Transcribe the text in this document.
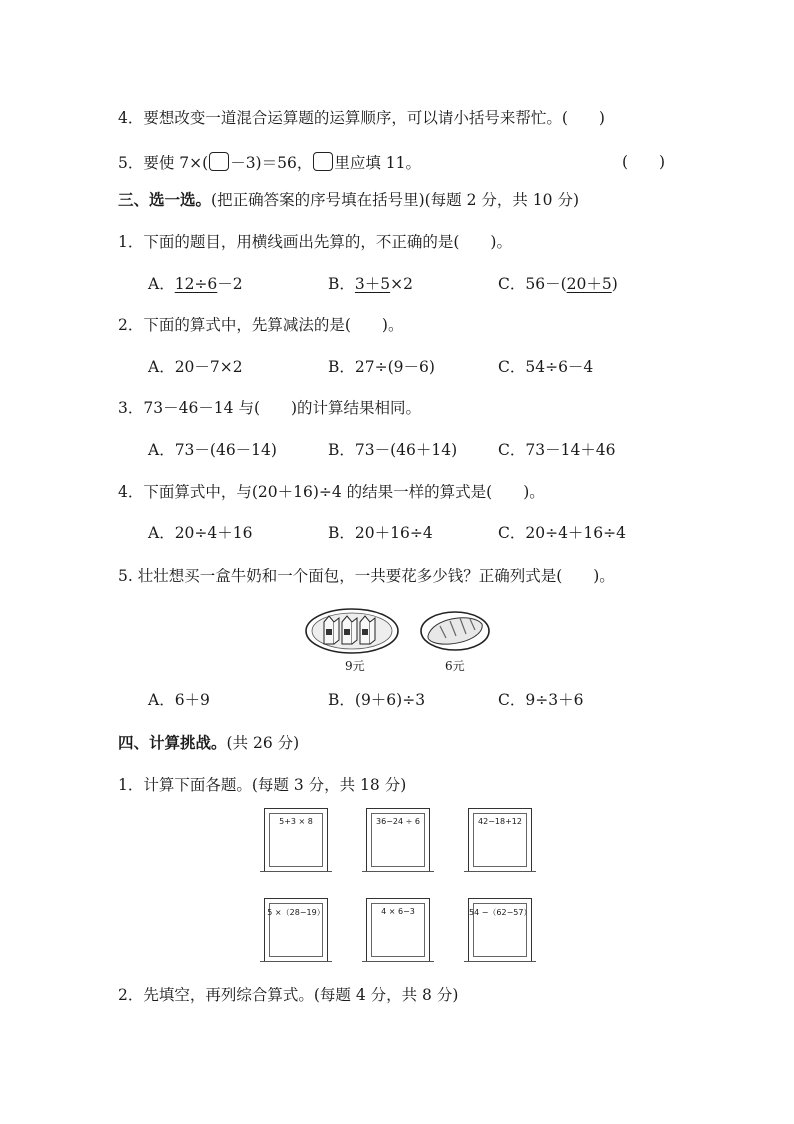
4．要想改变一道混合运算题的运算顺序，可以请小括号来帮忙。(　　)
5．要使 7×( －3)＝56， 里应填 11。	(　　)
三、选一选。(把正确答案的序号填在括号里)(每题 2 分，共 10 分)
1．下面的题目，用横线画出先算的，不正确的是(　　)。
A．12÷6－2	B．3＋5×2	C．56－(20＋5)
2．下面的算式中，先算减法的是(　　)。
A．20－7×2	B．27÷(9－6)	C．54÷6－4
3．73－46－14 与(　　)的计算结果相同。
A．73－(46－14)	B．73－(46＋14)	C．73－14＋46
4．下面算式中，与(20＋16)÷4 的结果一样的算式是(　　)。
A．20÷4＋16	B．20＋16÷4	C．20÷4＋16÷4
5. 壮壮想买一盒牛奶和一个面包，一共要花多少钱？正确列式是(　　)。
9元	6元
A．6＋9	B．(9＋6)÷3	C．9÷3＋6
四、计算挑战。(共 26 分)
1．计算下面各题。(每题 3 分，共 18 分)
5+3 × 8	36−24 ÷ 6	42−18+12
5 ×（28−19）	4 × 6−3	54 −（62−57）
2．先填空，再列综合算式。(每题 4 分，共 8 分)
